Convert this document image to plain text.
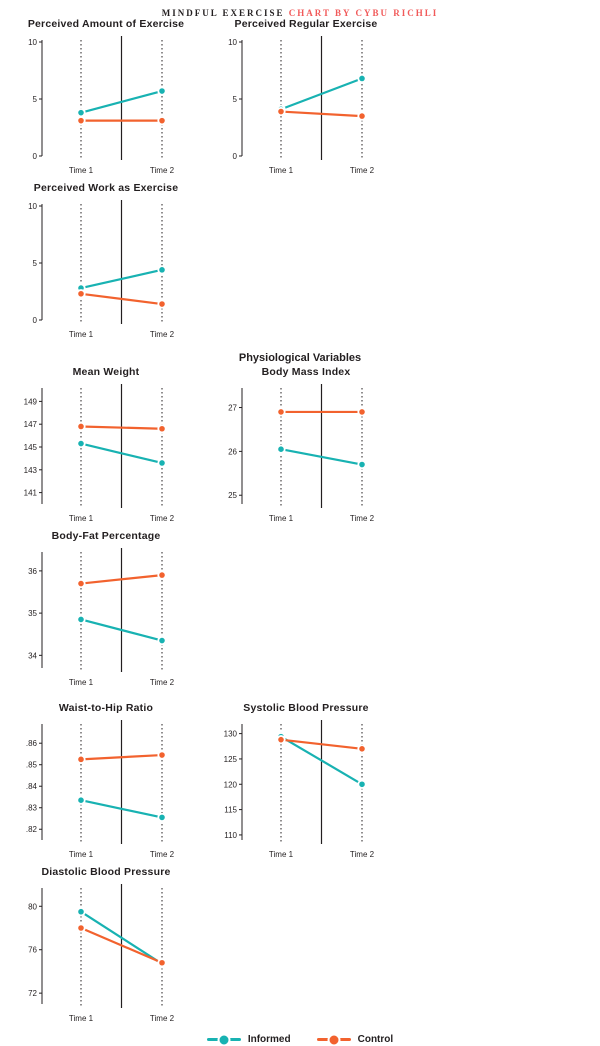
MINDFUL EXERCISE CHART BY CYBU RICHLI
Perceived Amount of Exercise
0
5
10
Time 1	Time 2
Perceived Regular Exercise
0
5
10
Time 1	Time 2
Perceived Work as Exercise
0
5
10
Time 1	Time 2
Physiological Variables
Mean Weight
141
143
145
147
149
Time 1	Time 2
Body Mass Index
25
26
27
Time 1	Time 2
Body-Fat Percentage
34
35
36
Time 1	Time 2
Waist-to-Hip Ratio
.82
.83
.84
.85
.86
Time 1	Time 2
Systolic Blood Pressure
110
115
120
125
130
Time 1	Time 2
Diastolic Blood Pressure
72
76
80
Time 1	Time 2
Informed	Control
